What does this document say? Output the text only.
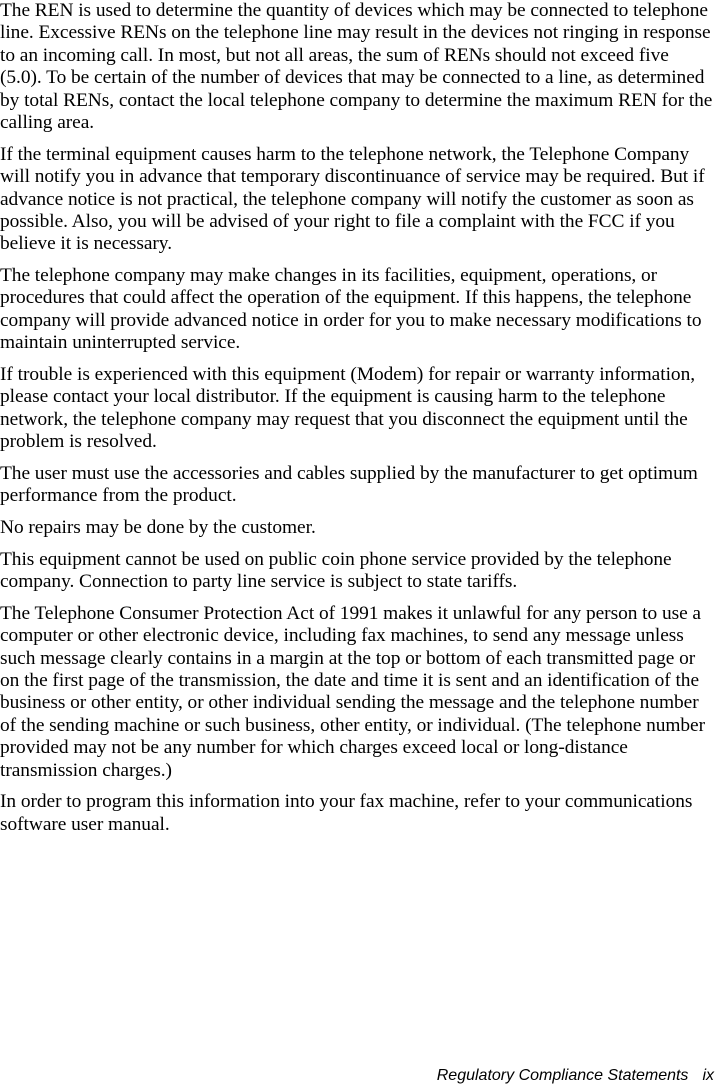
The REN is used to determine the quantity of devices which may be connected to telephone line. Excessive RENs on the telephone line may result in the devices not ringing in response to an incoming call. In most, but not all areas, the sum of RENs should not exceed five (5.0). To be certain of the number of devices that may be connected to a line, as determined by total RENs, contact the local telephone company to determine the maximum REN for the calling area.

If the terminal equipment causes harm to the telephone network, the Telephone Company will notify you in advance that temporary discontinuance of service may be required. But if advance notice is not practical, the telephone company will notify the customer as soon as possible. Also, you will be advised of your right to file a complaint with the FCC if you believe it is necessary.

The telephone company may make changes in its facilities, equipment, operations, or procedures that could affect the operation of the equipment. If this happens, the telephone company will provide advanced notice in order for you to make necessary modifications to maintain uninterrupted service.

If trouble is experienced with this equipment (Modem) for repair or warranty information, please contact your local distributor. If the equipment is causing harm to the telephone network, the telephone company may request that you disconnect the equipment until the problem is resolved.

The user must use the accessories and cables supplied by the manufacturer to get optimum performance from the product.

No repairs may be done by the customer.

This equipment cannot be used on public coin phone service provided by the telephone company. Connection to party line service is subject to state tariffs.

The Telephone Consumer Protection Act of 1991 makes it unlawful for any person to use a computer or other electronic device, including fax machines, to send any message unless such message clearly contains in a margin at the top or bottom of each transmitted page or on the first page of the transmission, the date and time it is sent and an identification of the business or other entity, or other individual sending the message and the telephone number of the sending machine or such business, other entity, or individual. (The telephone number provided may not be any number for which charges exceed local or long-distance transmission charges.)

In order to program this information into your fax machine, refer to your communications software user manual.

Regulatory Compliance Statements ix
